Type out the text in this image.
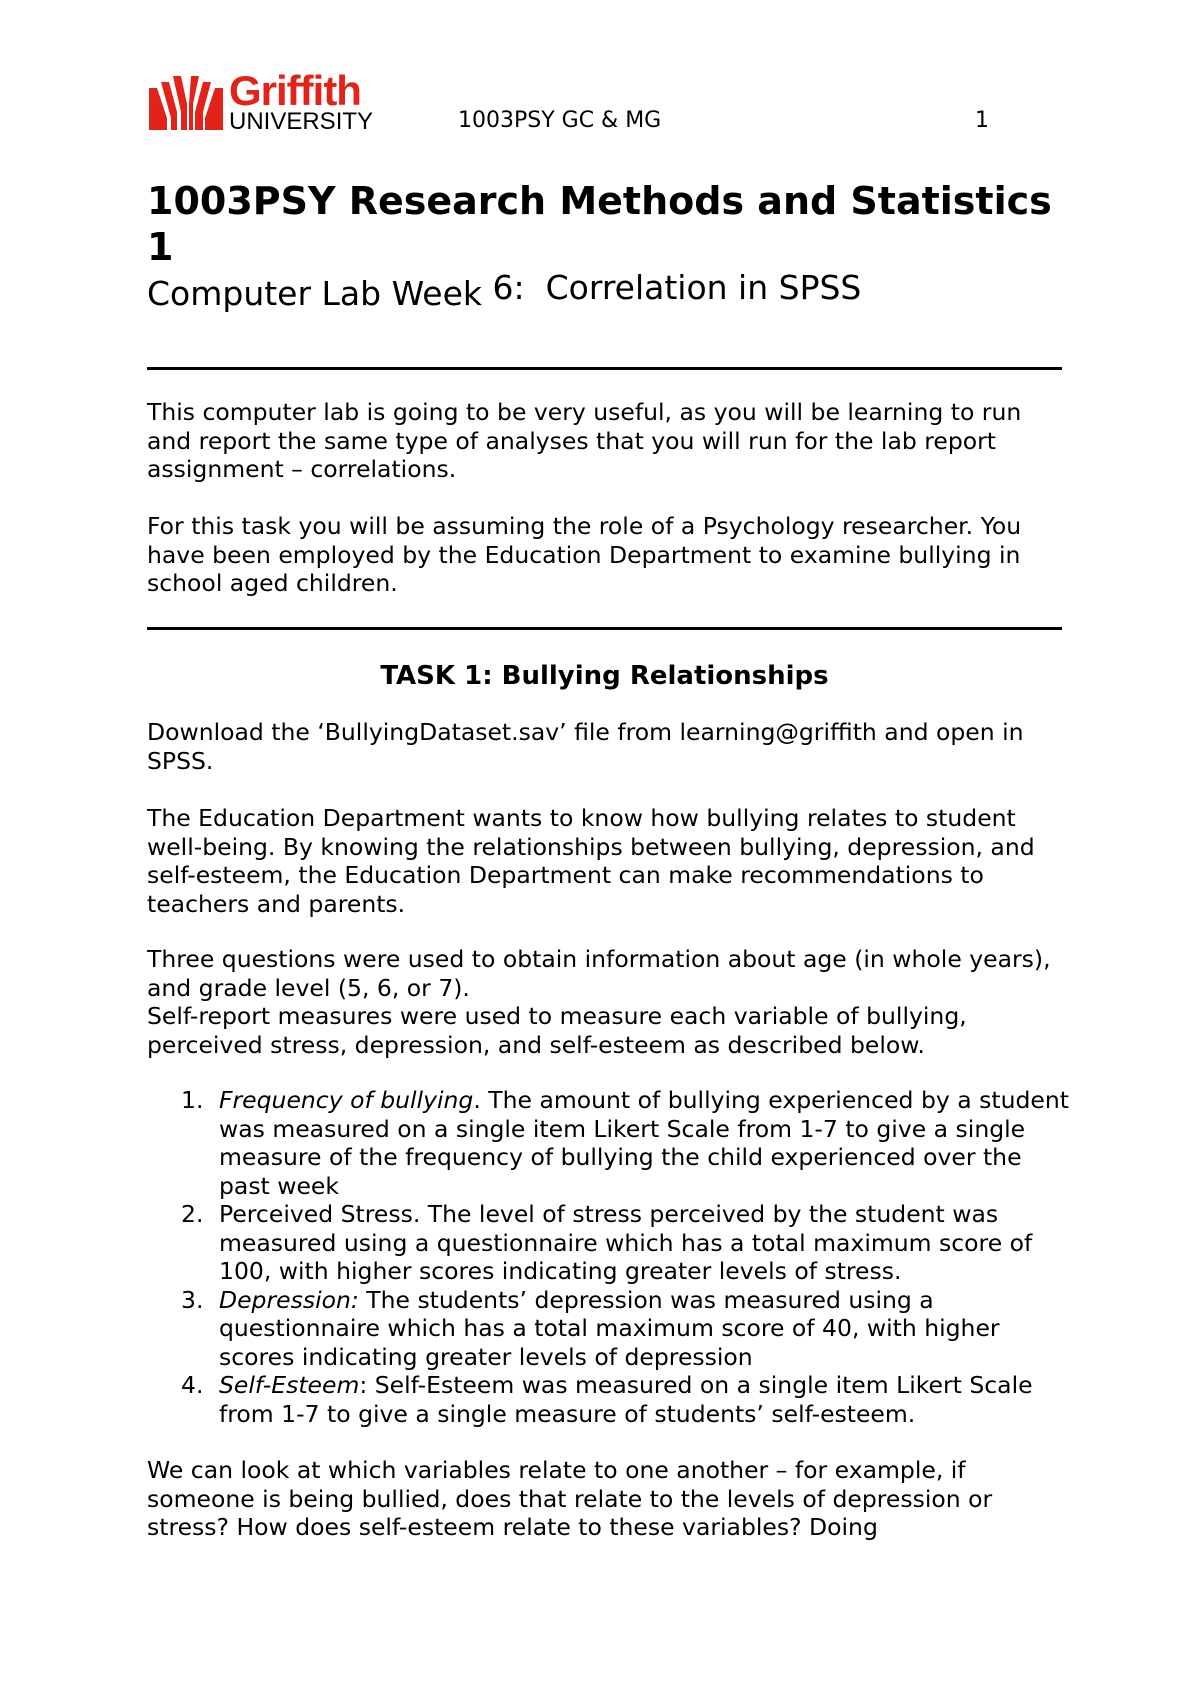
Griffith
UNIVERSITY	1003PSY GC & MG	1
1003PSY Research Methods and Statistics 1
Computer Lab Week 6:  Correlation in SPSS

This computer lab is going to be very useful, as you will be learning to run and report the same type of analyses that you will run for the lab report assignment – correlations.

For this task you will be assuming the role of a Psychology researcher. You have been employed by the Education Department to examine bullying in school aged children.

TASK 1: Bullying Relationships

Download the ‘BullyingDataset.sav’ file from learning@griffith and open in SPSS.

The Education Department wants to know how bullying relates to student well-being. By knowing the relationships between bullying, depression, and self-esteem, the Education Department can make recommendations to teachers and parents.

Three questions were used to obtain information about age (in whole years), and grade level (5, 6, or 7).

Self-report measures were used to measure each variable of bullying, perceived stress, depression, and self-esteem as described below.

1. Frequency of bullying. The amount of bullying experienced by a student was measured on a single item Likert Scale from 1-7 to give a single measure of the frequency of bullying the child experienced over the past week
2. Perceived Stress. The level of stress perceived by the student was measured using a questionnaire which has a total maximum score of 100, with higher scores indicating greater levels of stress.
3. Depression: The students’ depression was measured using a questionnaire which has a total maximum score of 40, with higher scores indicating greater levels of depression
4. Self-Esteem: Self-Esteem was measured on a single item Likert Scale from 1-7 to give a single measure of students’ self-esteem.

We can look at which variables relate to one another – for example, if someone is being bullied, does that relate to the levels of depression or stress? How does self-esteem relate to these variables? Doing
